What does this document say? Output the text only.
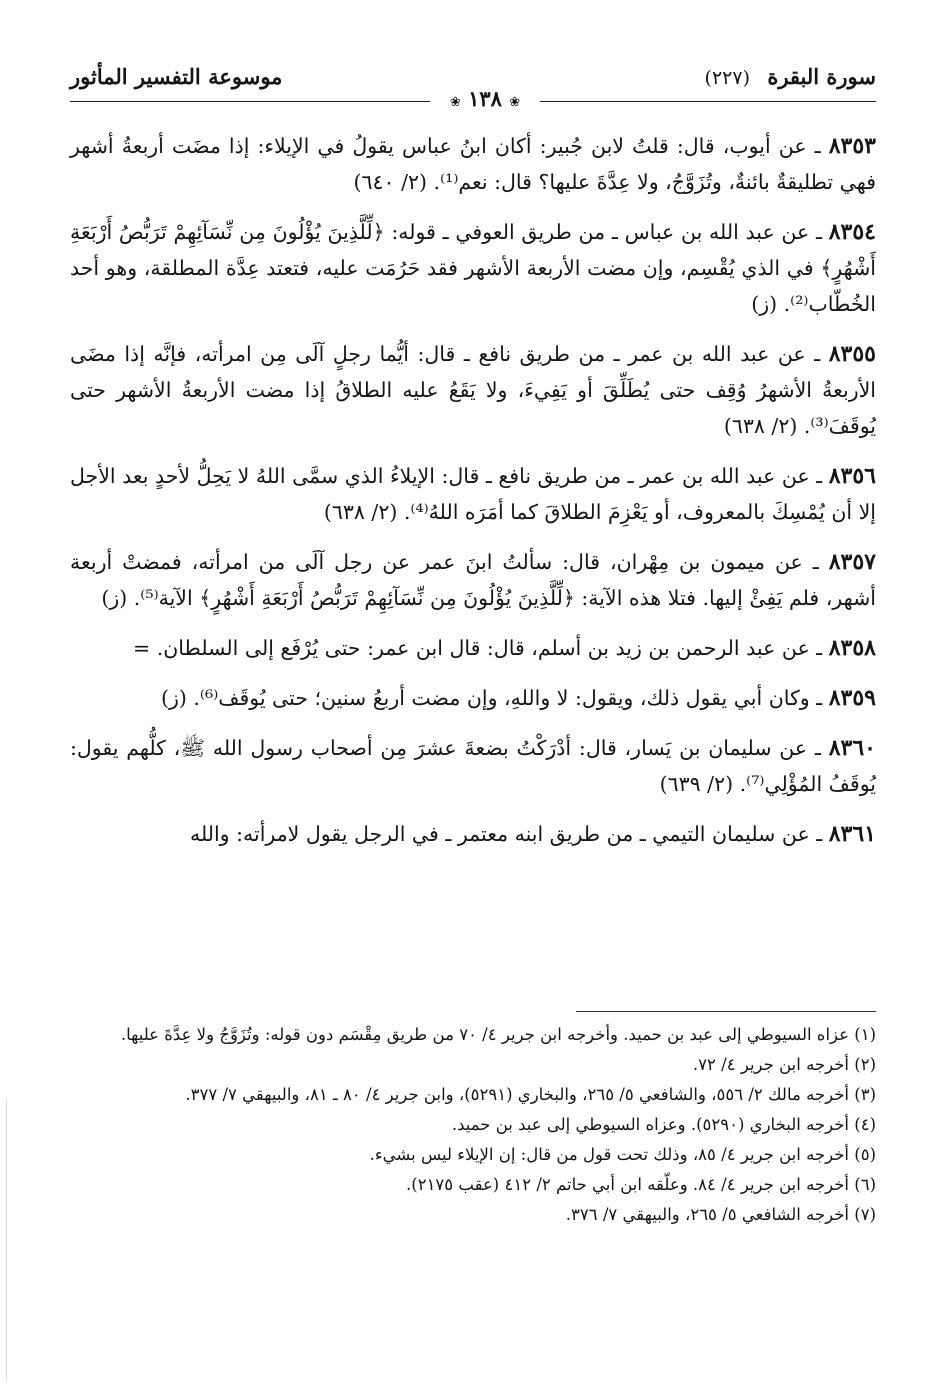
سورة البقرة (٢٢٧)
موسوعة التفسير المأثور
❀ ١٣٨ ❀

٨٣٥٣ ـ عن أيوب، قال: قلتُ لابن جُبير: أكان ابنُ عباس يقولُ في الإيلاء: إذا مضَت أربعةُ أشهر فهي تطليقةٌ بائنةٌ، وتُزَوَّجُ، ولا عِدَّةَ عليها؟ قال: نعم⁽¹⁾. (٢/ ٦٤٠)

٨٣٥٤ ـ عن عبد الله بن عباس ـ من طريق العوفي ـ قوله: ﴿لِّلَّذِينَ يُؤْلُونَ مِن نِّسَآئِهِمْ تَرَبُّصُ أَرْبَعَةِ أَشْهُرٍ﴾ في الذي يُقْسِم، وإن مضت الأربعة الأشهر فقد حَرُمَت عليه، فتعتد عِدَّة المطلقة، وهو أحد الخُطّاب⁽²⁾. (ز)

٨٣٥٥ ـ عن عبد الله بن عمر ـ من طريق نافع ـ قال: أيُّما رجلٍ آلَى مِن امرأته، فإنَّه إذا مضَى الأربعةُ الأشهرُ وُقِف حتى يُطَلِّقَ أو يَفِيءَ، ولا يَقَعُ عليه الطلاقُ إذا مضت الأربعةُ الأشهر حتى يُوقَفَ⁽³⁾. (٢/ ٦٣٨)

٨٣٥٦ ـ عن عبد الله بن عمر ـ من طريق نافع ـ قال: الإيلاءُ الذي سمَّى اللهُ لا يَحِلُّ لأحدٍ بعد الأجل إلا أن يُمْسِكَ بالمعروف، أو يَعْزِمَ الطلاقَ كما أمَرَه اللهُ⁽⁴⁾. (٢/ ٦٣٨)

٨٣٥٧ ـ عن ميمون بن مِهْران، قال: سألتُ ابنَ عمر عن رجل آلَى من امرأته، فمضتْ أربعة أشهر، فلم يَفِئْ إليها. فتلا هذه الآية: ﴿لِّلَّذِينَ يُؤْلُونَ مِن نِّسَآئِهِمْ تَرَبُّصُ أَرْبَعَةِ أَشْهُرٍ﴾ الآية⁽⁵⁾. (ز)

٨٣٥٨ ـ عن عبد الرحمن بن زيد بن أسلم، قال: قال ابن عمر: حتى يُرْفَع إلى السلطان. =

٨٣٥٩ ـ وكان أبي يقول ذلك، ويقول: لا واللهِ، وإن مضت أربعُ سنين؛ حتى يُوقَف⁽⁶⁾. (ز)

٨٣٦٠ ـ عن سليمان بن يَسار، قال: أدْرَكْتُ بضعةَ عشرَ مِن أصحاب رسول الله ﷺ، كلُّهم يقول: يُوقَفُ المُؤْلِي⁽⁷⁾. (٢/ ٦٣٩)

٨٣٦١ ـ عن سليمان التيمي ـ من طريق ابنه معتمر ـ في الرجل يقول لامرأته: والله

(١) عزاه السيوطي إلى عبد بن حميد. وأخرجه ابن جرير ٤/ ٧٠ من طريق مِقْسَم دون قوله: وتُزَوَّجُ ولا عِدَّةَ عليها.

(٢) أخرجه ابن جرير ٤/ ٧٢.

(٣) أخرجه مالك ٢/ ٥٥٦، والشافعي ٥/ ٢٦٥، والبخاري (٥٢٩١)، وابن جرير ٤/ ٨٠ ـ ٨١، والبيهقي ٧/ ٣٧٧.

(٤) أخرجه البخاري (٥٢٩٠). وعزاه السيوطي إلى عبد بن حميد.

(٥) أخرجه ابن جرير ٤/ ٨٥، وذلك تحت قول من قال: إن الإيلاء ليس بشيء.

(٦) أخرجه ابن جرير ٤/ ٨٤. وعلّقه ابن أبي حاتم ٢/ ٤١٢ (عقب ٢١٧٥).

(٧) أخرجه الشافعي ٥/ ٢٦٥، والبيهقي ٧/ ٣٧٦.
